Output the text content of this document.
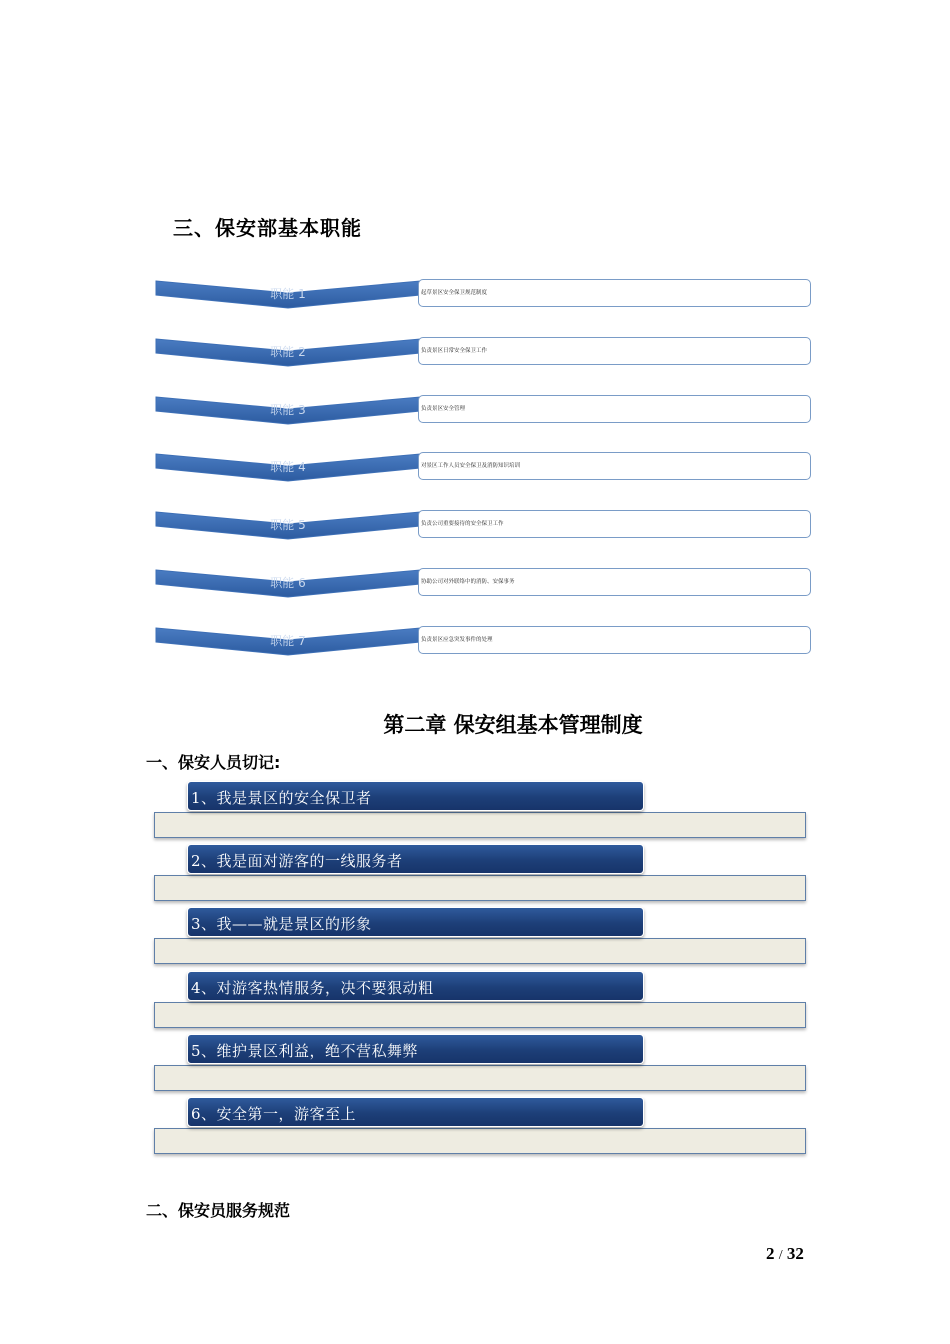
三、保安部基本职能
职能 1	起草景区安全保卫规范制度
职能 2	负责景区日常安全保卫工作
职能 3	负责景区安全管理
职能 4	对景区工作人员安全保卫及消防知识培训
职能 5	负责公司重要接待的安全保卫工作
职能 6	协助公司对外联络中的消防、安保事务
职能 7	负责景区应急突发事件的处理
第二章 保安组基本管理制度
一、保安人员切记:
1、我是景区的安全保卫者
2、我是面对游客的一线服务者
3、我——就是景区的形象
4、对游客热情服务，决不要狠动粗
5、维护景区利益，绝不营私舞弊
6、安全第一，游客至上
二、保安员服务规范
2 / 32
